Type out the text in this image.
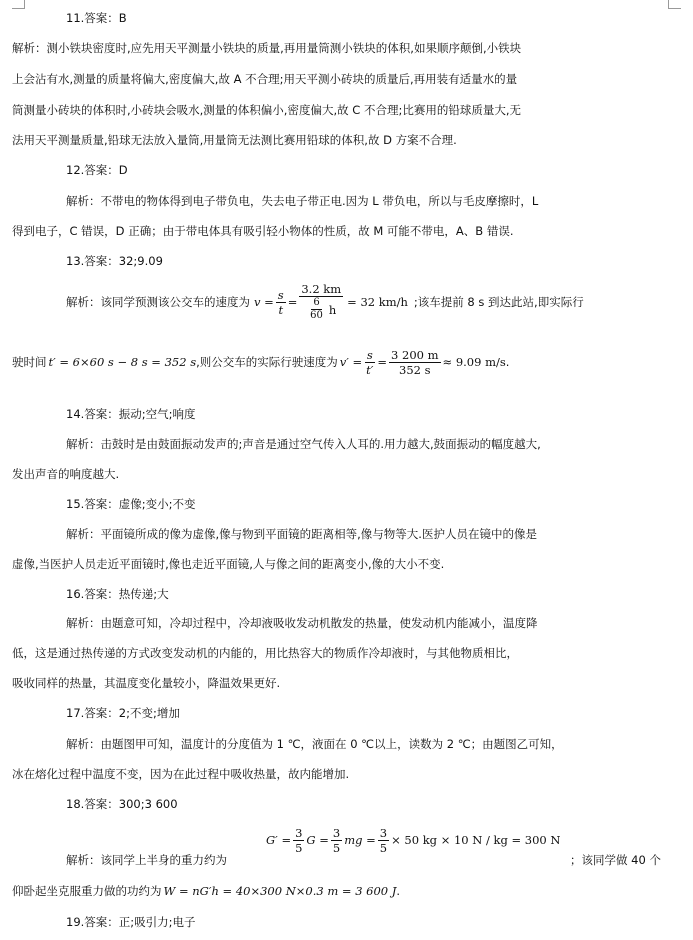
11.答案：B
解析：测小铁块密度时,应先用天平测量小铁块的质量,再用量筒测小铁块的体积,如果顺序颠倒,小铁块
上会沾有水,测量的质量将偏大,密度偏大,故 A 不合理;用天平测小砖块的质量后,再用装有适量水的量
筒测量小砖块的体积时,小砖块会吸水,测量的体积偏小,密度偏大,故 C 不合理;比赛用的铅球质量大,无
法用天平测量质量,铅球无法放入量筒,用量筒无法测比赛用铅球的体积,故 D 方案不合理.
12.答案：D
解析：不带电的物体得到电子带负电，失去电子带正电.因为 L 带负电，所以与毛皮摩擦时，L
得到电子，C 错误，D 正确；由于带电体具有吸引轻小物体的性质，故 M 可能不带电，A、B 错误.
13.答案：32;9.09
解析：该同学预测该公交车的速度为 $v = \frac{s}{t} = \frac{3.2 km}{\frac{6}{60} h} = 32$ km/h ;该车提前 8 s 到达此站,即实际行
驶时间 t′ = 6×60 s − 8 s = 352 s ,则公交车的实际行驶速度为 $v' = \frac{s}{t'} = \frac{3 200 m}{352 s} \approx 9.09$ m/s .
14.答案：振动;空气;响度
解析：击鼓时是由鼓面振动发声的;声音是通过空气传入人耳的.用力越大,鼓面振动的幅度越大,
发出声音的响度越大.
15.答案：虚像;变小;不变
解析：平面镜所成的像为虚像,像与物到平面镜的距离相等,像与物等大.医护人员在镜中的像是
虚像,当医护人员走近平面镜时,像也走近平面镜,人与像之间的距离变小,像的大小不变.
16.答案：热传递;大
解析：由题意可知，冷却过程中，冷却液吸收发动机散发的热量，使发动机内能减小，温度降
低，这是通过热传递的方式改变发动机的内能的，用比热容大的物质作冷却液时，与其他物质相比，
吸收同样的热量，其温度变化量较小，降温效果更好.
17.答案：2;不变;增加
解析：由题图甲可知，温度计的分度值为 1 ℃，液面在 0 ℃以上，读数为 2 ℃；由题图乙可知，
冰在熔化过程中温度不变，因为在此过程中吸收热量，故内能增加.
18.答案：300;3 600
$G' = \frac{3}{5}$ $G = \frac{3}{5}$ mg = $\frac{3}{5} \times 50$ kg × 10 N / kg = 300 N
解析：该同学上半身的重力约为	；该同学做 40 个
仰卧起坐克服重力做的功约为 W = nG′h = 40×300 N×0.3 m = 3 600 J .
19.答案：正;吸引力;电子
